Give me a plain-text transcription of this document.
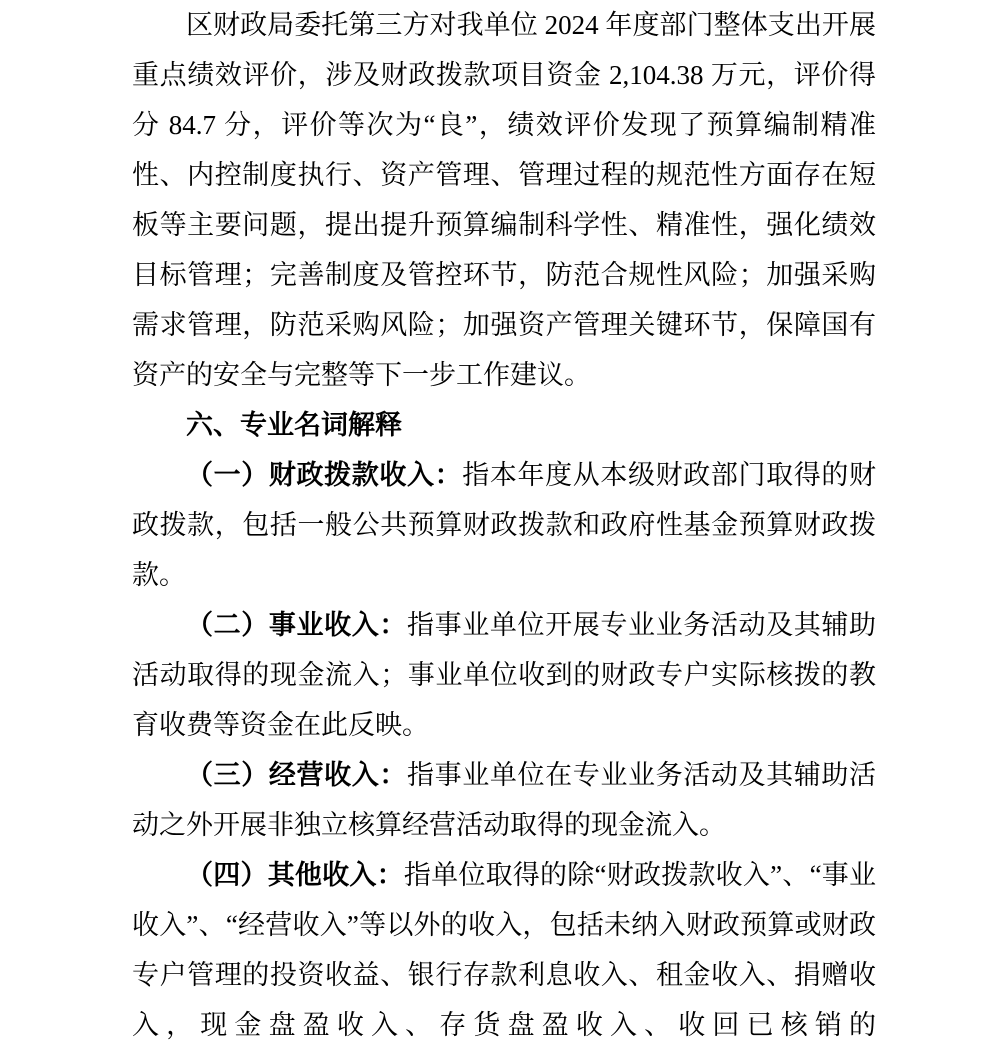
区财政局委托第三方对我单位 2024 年度部门整体支出开展重点绩效评价，涉及财政拨款项目资金 2,104.38 万元，评价得分 84.7 分，评价等次为“良”，绩效评价发现了预算编制精准性、内控制度执行、资产管理、管理过程的规范性方面存在短板等主要问题，提出提升预算编制科学性、精准性，强化绩效目标管理；完善制度及管控环节，防范合规性风险；加强采购需求管理，防范采购风险；加强资产管理关键环节，保障国有资产的安全与完整等下一步工作建议。

六、专业名词解释

（一）财政拨款收入：指本年度从本级财政部门取得的财政拨款，包括一般公共预算财政拨款和政府性基金预算财政拨款。

（二）事业收入：指事业单位开展专业业务活动及其辅助活动取得的现金流入；事业单位收到的财政专户实际核拨的教育收费等资金在此反映。

（三）经营收入：指事业单位在专业业务活动及其辅助活动之外开展非独立核算经营活动取得的现金流入。

（四）其他收入：指单位取得的除“财政拨款收入”、“事业收入”、“经营收入”等以外的收入，包括未纳入财政预算或财政专户管理的投资收益、银行存款利息收入、租金收入、捐赠收入，现金盘盈收入、存货盘盈收入、收回已核销的
